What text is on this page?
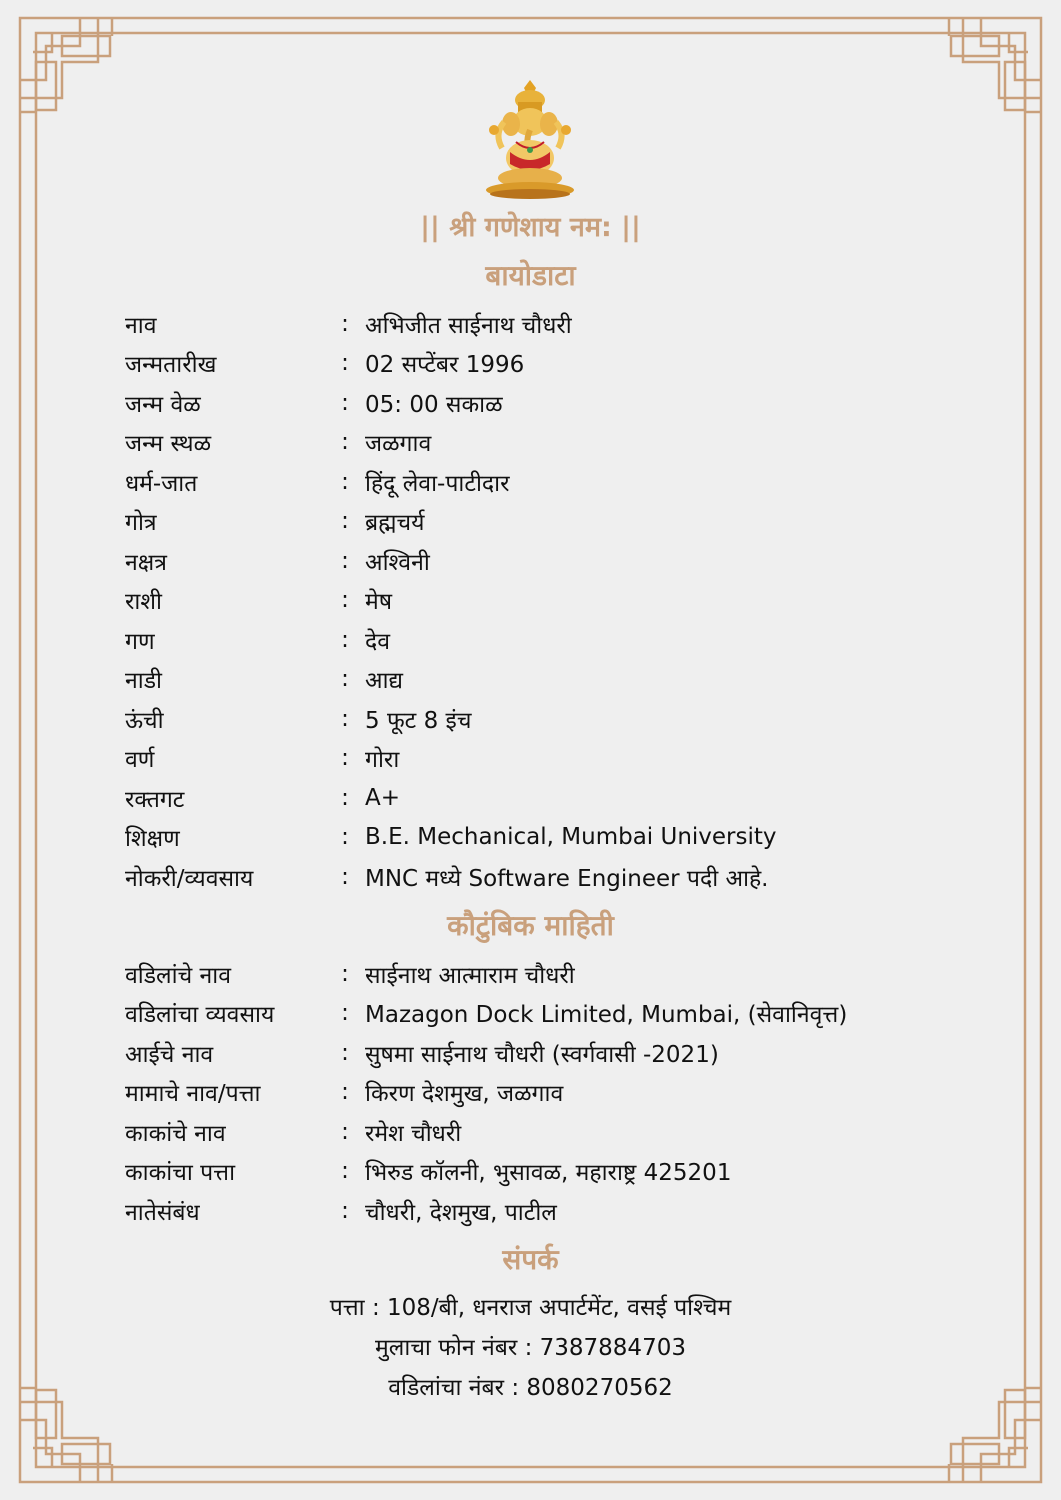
|| श्री गणेशाय नम: ||
बायोडाटा
नाव	: अभिजीत साईनाथ चौधरी
जन्मतारीख	: 02 सप्टेंबर 1996
जन्म वेळ	: 05: 00 सकाळ
जन्म स्थळ	: जळगाव
धर्म-जात	: हिंदू लेवा-पाटीदार
गोत्र	: ब्रह्मचर्य
नक्षत्र	: अश्विनी
राशी	: मेष
गण	: देव
नाडी	: आद्य
ऊंची	: 5 फूट 8 इंच
वर्ण	: गोरा
रक्तगट	: A+
शिक्षण	: B.E. Mechanical, Mumbai University
नोकरी/व्यवसाय	: MNC मध्ये Software Engineer पदी आहे.
कौटुंबिक माहिती
वडिलांचे नाव	: साईनाथ आत्माराम चौधरी
वडिलांचा व्यवसाय	: Mazagon Dock Limited, Mumbai, (सेवानिवृत्त)
आईचे नाव	: सुषमा साईनाथ चौधरी (स्वर्गवासी -2021)
मामाचे नाव/पत्ता	: किरण देशमुख, जळगाव
काकांचे नाव	: रमेश चौधरी
काकांचा पत्ता	: भिरुड कॉलनी, भुसावळ, महाराष्ट्र 425201
नातेसंबंध	: चौधरी, देशमुख, पाटील
संपर्क
पत्ता : 108/बी, धनराज अपार्टमेंट, वसई पश्चिम
मुलाचा फोन नंबर : 7387884703
वडिलांचा नंबर : 8080270562
